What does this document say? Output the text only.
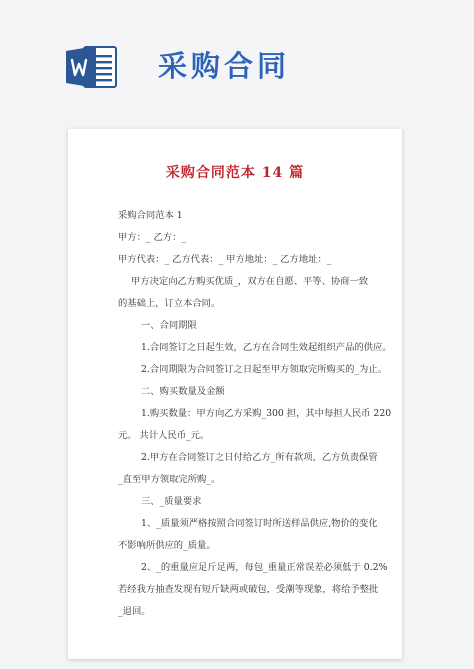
采购合同
采购合同范本 14 篇
采购合同范本 1
甲方：_ 乙方：_
甲方代表：_ 乙方代表：_ 甲方地址：_ 乙方地址：_
甲方决定向乙方购买优质_，双方在自愿、平等、协商一致
的基础上，订立本合同。
一、合同期限
1.合同签订之日起生效，乙方在合同生效起组织产品的供应。
2.合同期限为合同签订之日起至甲方领取完所购买的_为止。
二、购买数量及金额
1.购买数量：甲方向乙方采购_300 担，其中每担人民币 220
元。 共计人民币_元。
2.甲方在合同签订之日付给乙方_所有款项，乙方负责保管
_直至甲方领取完所购_。
三、_质量要求
1、_质量须严格按照合同签订时所送样品供应,物价的变化
不影响所供应的_质量。
2、_的重量应足斤足两，每包_重量正常误差必须低于 0.2%
若经我方抽查发现有短斤缺两或破包，受潮等现象，将给予整批
_退回。
